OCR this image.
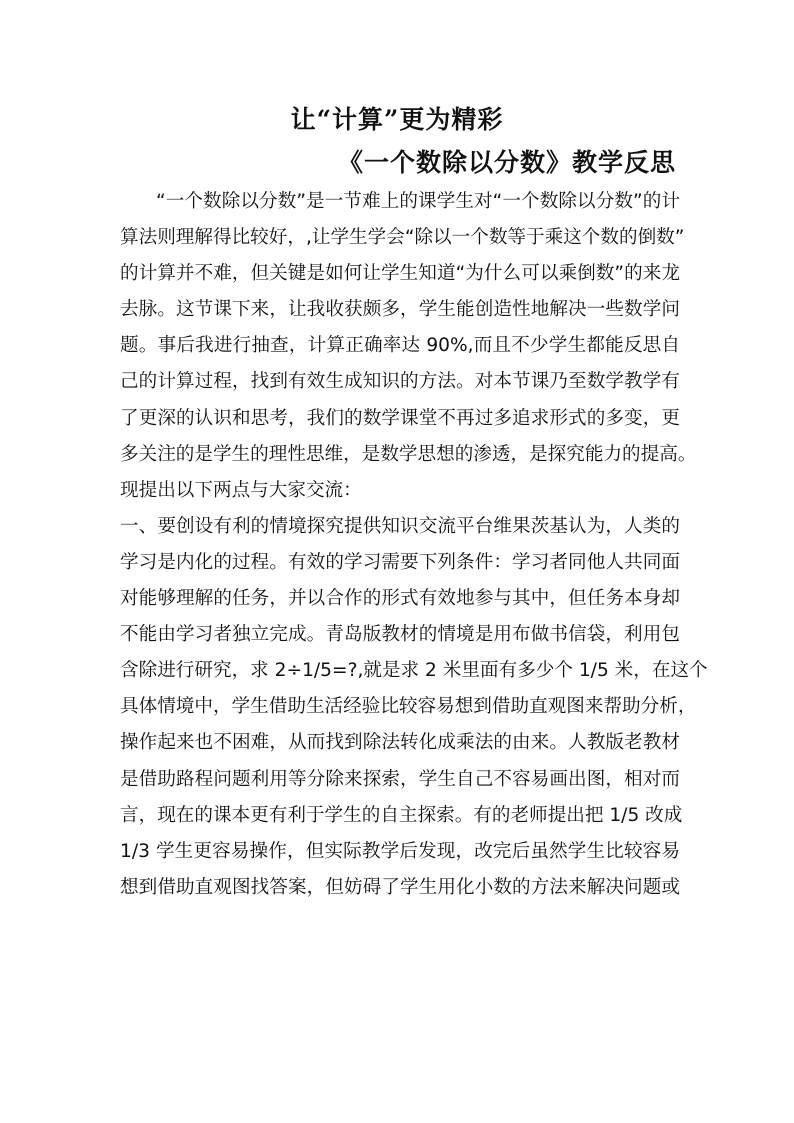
让“计算”更为精彩
《一个数除以分数》教学反思
“一个数除以分数”是一节难上的课学生对“一个数除以分数”的计
算法则理解得比较好，,让学生学会“除以一个数等于乘这个数的倒数”
的计算并不难，但关键是如何让学生知道“为什么可以乘倒数”的来龙
去脉。这节课下来，让我收获颇多，学生能创造性地解决一些数学问
题。事后我进行抽查，计算正确率达 90%,而且不少学生都能反思自
己的计算过程，找到有效生成知识的方法。对本节课乃至数学教学有
了更深的认识和思考，我们的数学课堂不再过多追求形式的多变，更
多关注的是学生的理性思维，是数学思想的渗透，是探究能力的提高。
现提出以下两点与大家交流：
一、要创设有利的情境探究提供知识交流平台维果茨基认为，人类的
学习是内化的过程。有效的学习需要下列条件：学习者同他人共同面
对能够理解的任务，并以合作的形式有效地参与其中，但任务本身却
不能由学习者独立完成。青岛版教材的情境是用布做书信袋，利用包
含除进行研究，求 2÷1/5=?,就是求 2 米里面有多少个 1/5 米，在这个
具体情境中，学生借助生活经验比较容易想到借助直观图来帮助分析，
操作起来也不困难，从而找到除法转化成乘法的由来。人教版老教材
是借助路程问题利用等分除来探索，学生自己不容易画出图，相对而
言，现在的课本更有利于学生的自主探索。有的老师提出把 1/5 改成
1/3 学生更容易操作，但实际教学后发现，改完后虽然学生比较容易
想到借助直观图找答案，但妨碍了学生用化小数的方法来解决问题或
